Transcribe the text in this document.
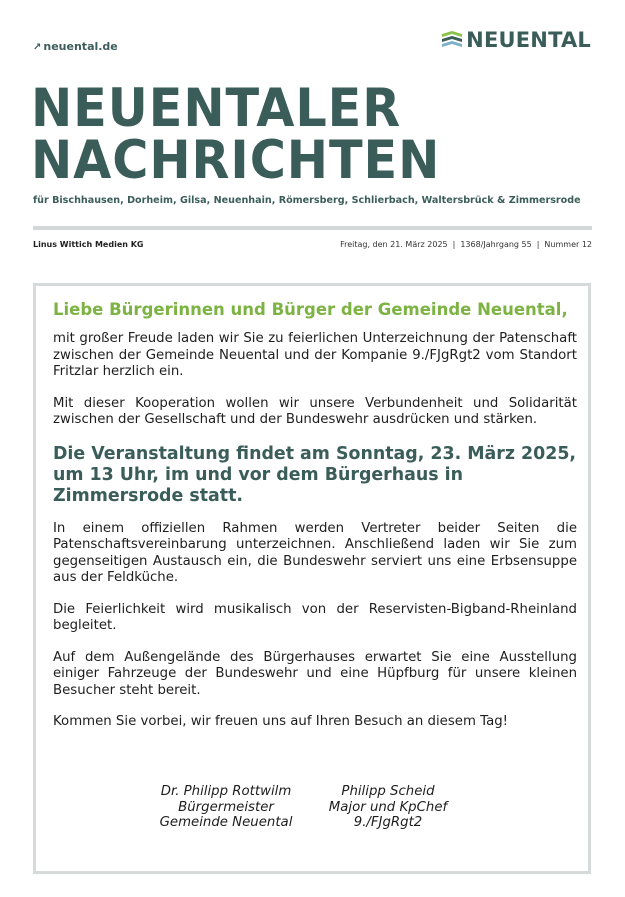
↗ neuental.de	NEUENTAL
NEUENTALER
NACHRICHTEN
für Bischhausen, Dorheim, Gilsa, Neuenhain, Römersberg, Schlierbach, Waltersbrück & Zimmersrode
Linus Wittich Medien KG	Freitag, den 21. März 2025 | 1368/Jahrgang 55 | Nummer 12
Liebe Bürgerinnen und Bürger der Gemeinde Neuental,

mit großer Freude laden wir Sie zu feierlichen Unterzeichnung der Patenschaft zwischen der Gemeinde Neuental und der Kompanie 9./FJgRgt2 vom Standort Fritzlar herzlich ein.

Mit dieser Kooperation wollen wir unsere Verbundenheit und Solidarität zwischen der Gesellschaft und der Bundeswehr ausdrücken und stärken.

Die Veranstaltung findet am Sonntag, 23. März 2025, um 13 Uhr, im und vor dem Bürgerhaus in Zimmersrode statt.

In einem offiziellen Rahmen werden Vertreter beider Seiten die Patenschaftsvereinbarung unterzeichnen. Anschließend laden wir Sie zum gegenseitigen Austausch ein, die Bundeswehr serviert uns eine Erbsensuppe aus der Feldküche.

Die Feierlichkeit wird musikalisch von der Reservisten-Bigband-Rheinland begleitet.

Auf dem Außengelände des Bürgerhauses erwartet Sie eine Ausstellung einiger Fahrzeuge der Bundeswehr und eine Hüpfburg für unsere kleinen Besucher steht bereit.

Kommen Sie vorbei, wir freuen uns auf Ihren Besuch an diesem Tag!

Dr. Philipp Rottwilm
Bürgermeister
Gemeinde Neuental
Philipp Scheid
Major und KpChef
9./FJgRgt2
